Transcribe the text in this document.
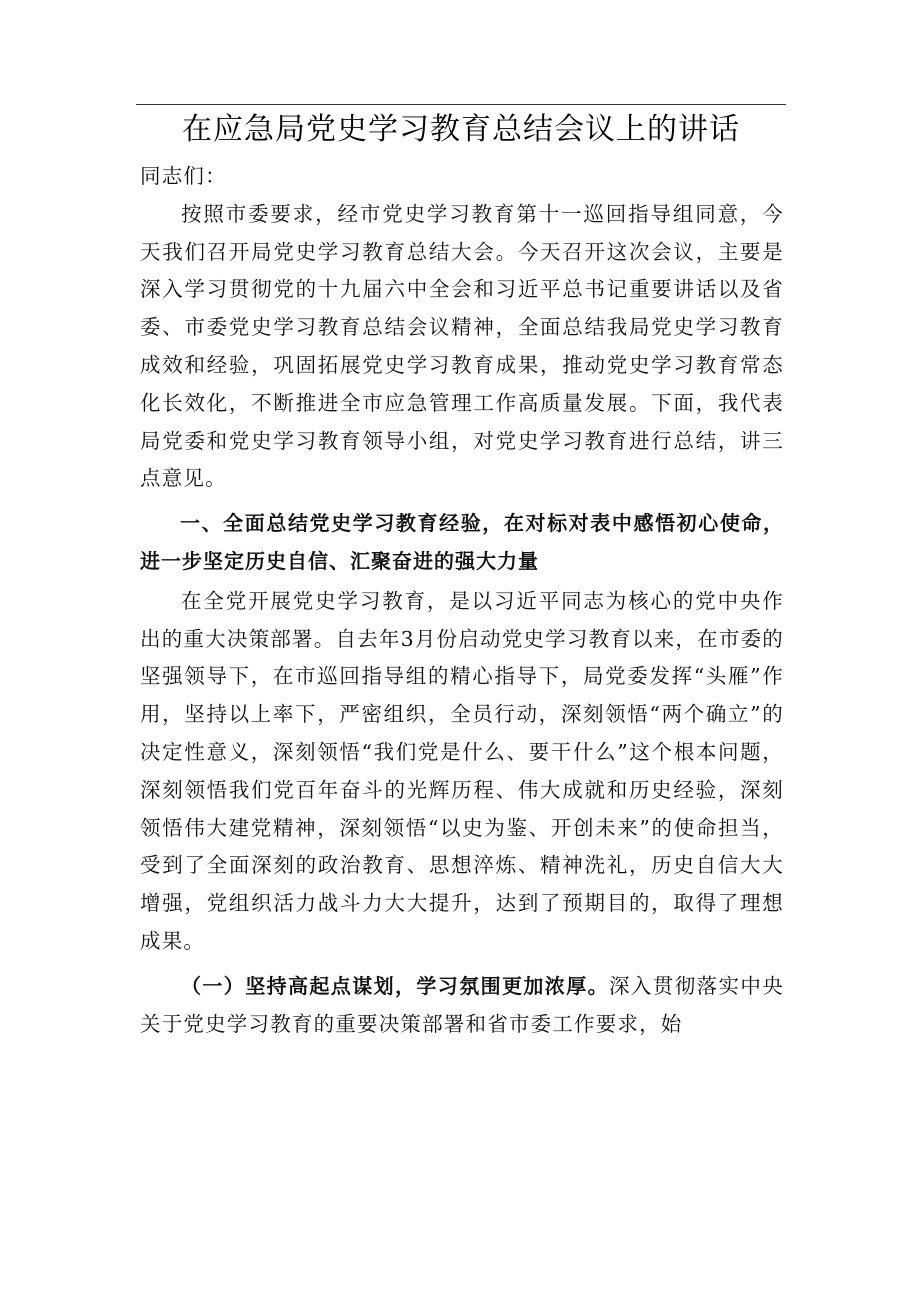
在应急局党史学习教育总结会议上的讲话

同志们：

按照市委要求，经市党史学习教育第十一巡回指导组同意，今天我们召开局党史学习教育总结大会。今天召开这次会议，主要是深入学习贯彻党的十九届六中全会和习近平总书记重要讲话以及省委、市委党史学习教育总结会议精神，全面总结我局党史学习教育成效和经验，巩固拓展党史学习教育成果，推动党史学习教育常态化长效化，不断推进全市应急管理工作高质量发展。下面，我代表局党委和党史学习教育领导小组，对党史学习教育进行总结，讲三点意见。

一、全面总结党史学习教育经验，在对标对表中感悟初心使命，进一步坚定历史自信、汇聚奋进的强大力量

在全党开展党史学习教育，是以习近平同志为核心的党中央作出的重大决策部署。自去年3月份启动党史学习教育以来，在市委的坚强领导下，在市巡回指导组的精心指导下，局党委发挥“头雁”作用，坚持以上率下，严密组织，全员行动，深刻领悟“两个确立”的决定性意义，深刻领悟“我们党是什么、要干什么”这个根本问题，深刻领悟我们党百年奋斗的光辉历程、伟大成就和历史经验，深刻领悟伟大建党精神，深刻领悟“以史为鉴、开创未来”的使命担当，受到了全面深刻的政治教育、思想淬炼、精神洗礼，历史自信大大增强，党组织活力战斗力大大提升，达到了预期目的，取得了理想成果。

（一）坚持高起点谋划，学习氛围更加浓厚。深入贯彻落实中央关于党史学习教育的重要决策部署和省市委工作要求，始
